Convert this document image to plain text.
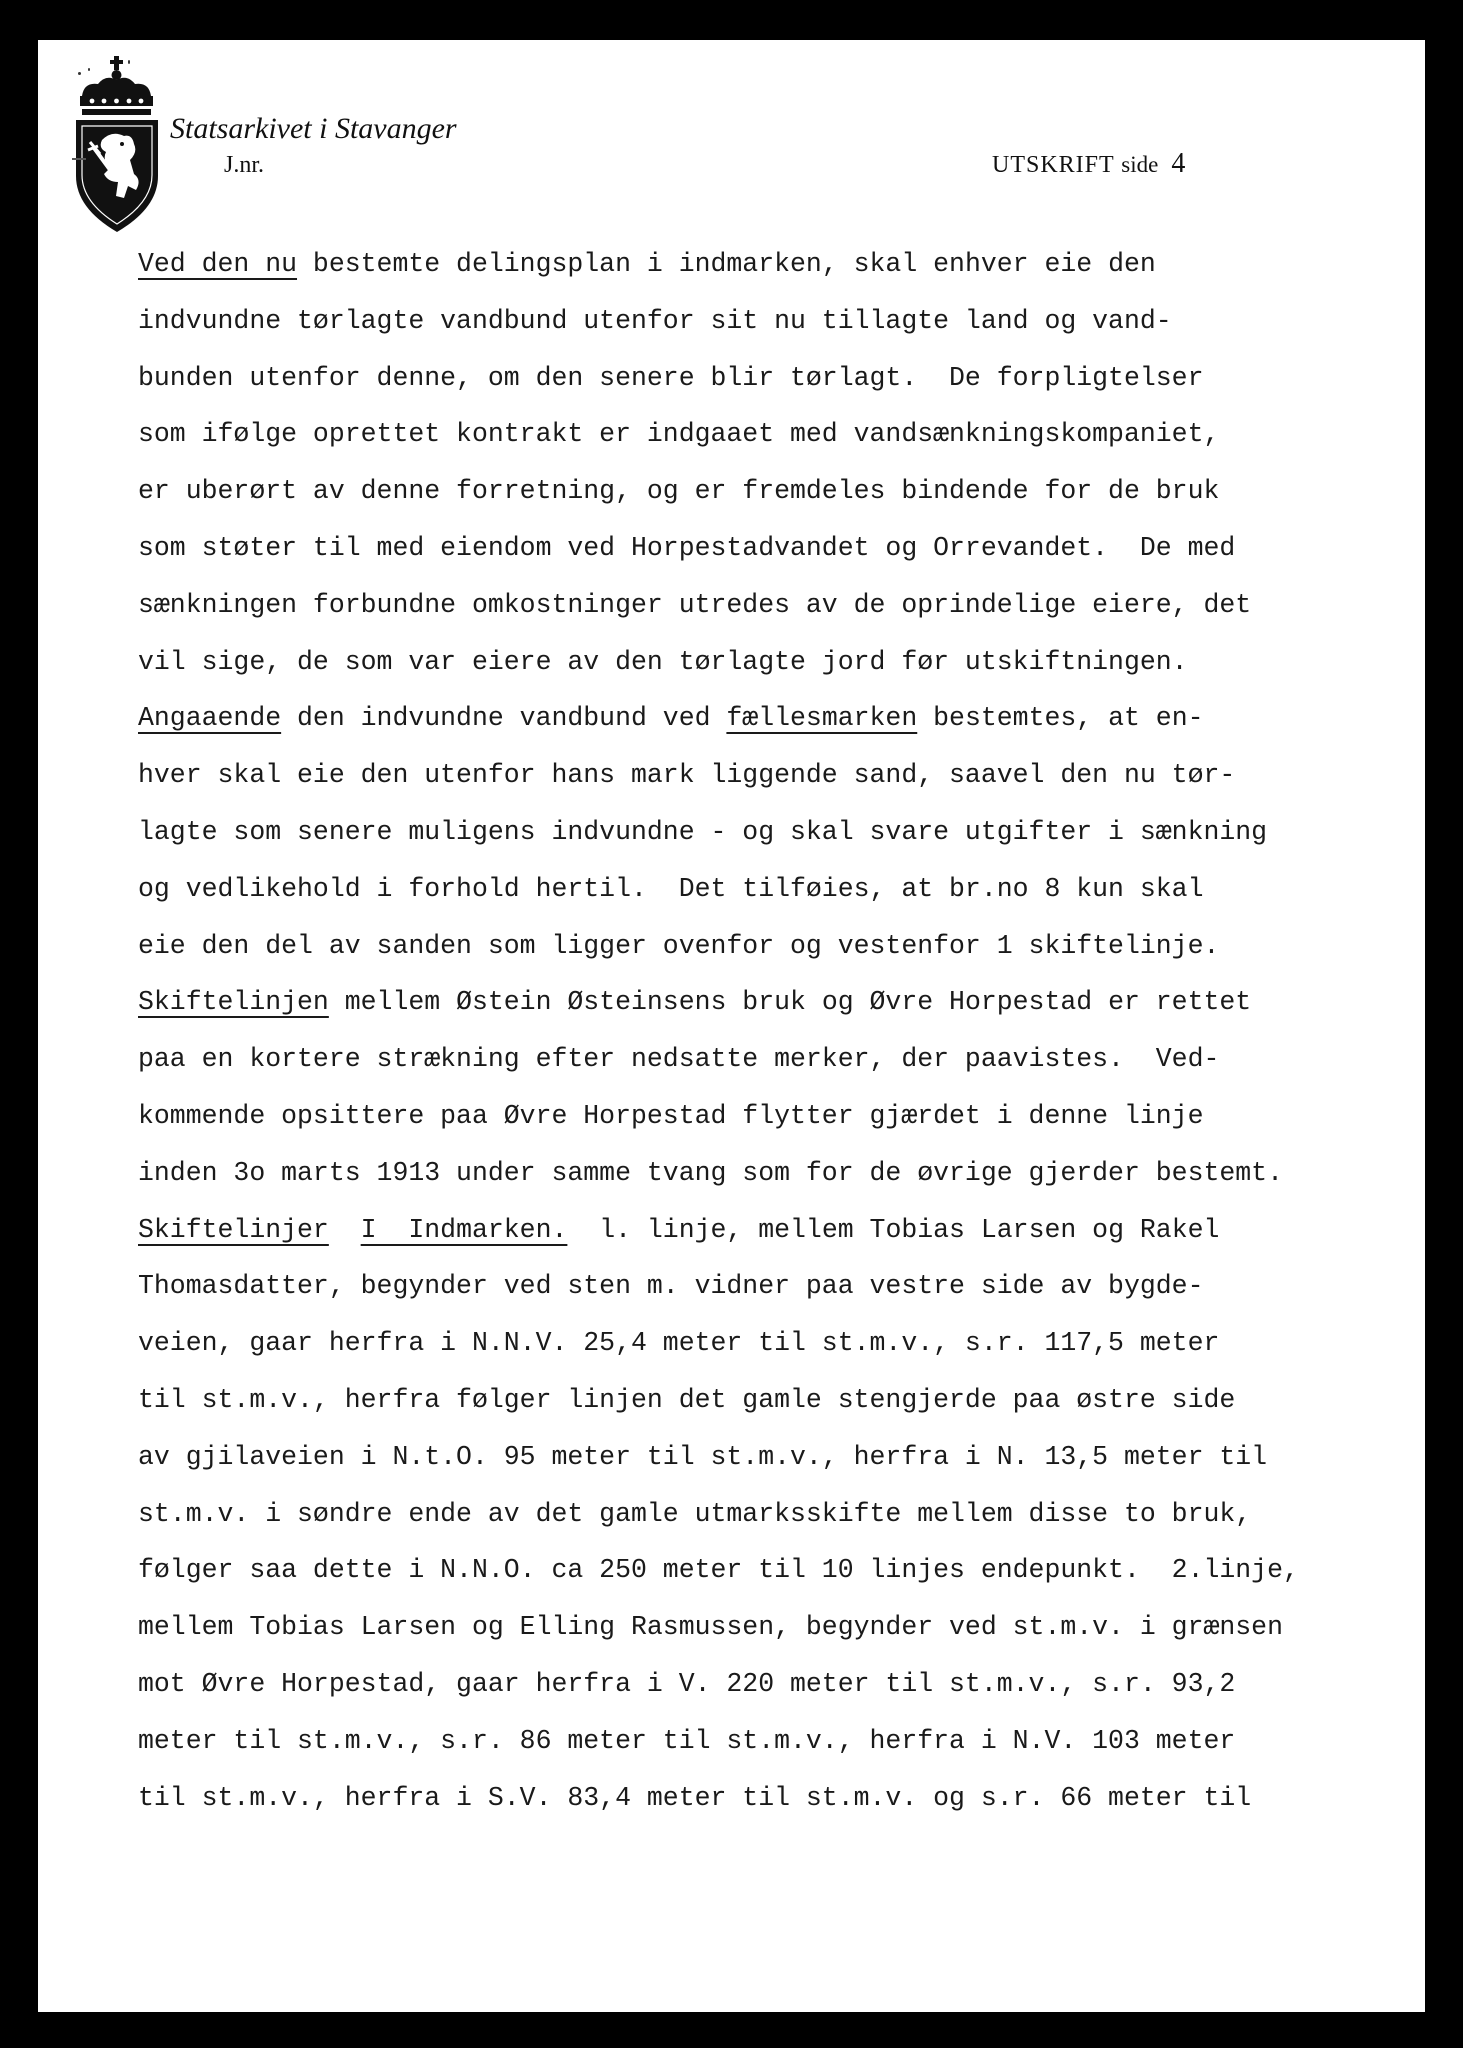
Statsarkivet i Stavanger
J.nr.	UTSKRIFT side 4
Ved den nu bestemte delingsplan i indmarken, skal enhver eie den
indvundne tørlagte vandbund utenfor sit nu tillagte land og vand-
bunden utenfor denne, om den senere blir tørlagt.  De forpligtelser
som ifølge oprettet kontrakt er indgaaet med vandsænkningskompaniet,
er uberørt av denne forretning, og er fremdeles bindende for de bruk
som støter til med eiendom ved Horpestadvandet og Orrevandet.  De med
sænkningen forbundne omkostninger utredes av de oprindelige eiere, det
vil sige, de som var eiere av den tørlagte jord før utskiftningen.
Angaaende den indvundne vandbund ved fællesmarken bestemtes, at en-
hver skal eie den utenfor hans mark liggende sand, saavel den nu tør-
lagte som senere muligens indvundne - og skal svare utgifter i sænkning
og vedlikehold i forhold hertil.  Det tilføies, at br.no 8 kun skal
eie den del av sanden som ligger ovenfor og vestenfor 1 skiftelinje.
Skiftelinjen mellem Østein Østeinsens bruk og Øvre Horpestad er rettet
paa en kortere strækning efter nedsatte merker, der paavistes.  Ved-
kommende opsittere paa Øvre Horpestad flytter gjærdet i denne linje
inden 3o marts 1913 under samme tvang som for de øvrige gjerder bestemt.
Skiftelinjer I  Indmarken.  l. linje, mellem Tobias Larsen og Rakel
Thomasdatter, begynder ved sten m. vidner paa vestre side av bygde-
veien, gaar herfra i N.N.V. 25,4 meter til st.m.v., s.r. 117,5 meter
til st.m.v., herfra følger linjen det gamle stengjerde paa østre side
av gjilaveien i N.t.O. 95 meter til st.m.v., herfra i N. 13,5 meter til
st.m.v. i søndre ende av det gamle utmarksskifte mellem disse to bruk,
følger saa dette i N.N.O. ca 250 meter til 10 linjes endepunkt.  2.linje,
mellem Tobias Larsen og Elling Rasmussen, begynder ved st.m.v. i grænsen
mot Øvre Horpestad, gaar herfra i V. 220 meter til st.m.v., s.r. 93,2
meter til st.m.v., s.r. 86 meter til st.m.v., herfra i N.V. 103 meter
til st.m.v., herfra i S.V. 83,4 meter til st.m.v. og s.r. 66 meter til
